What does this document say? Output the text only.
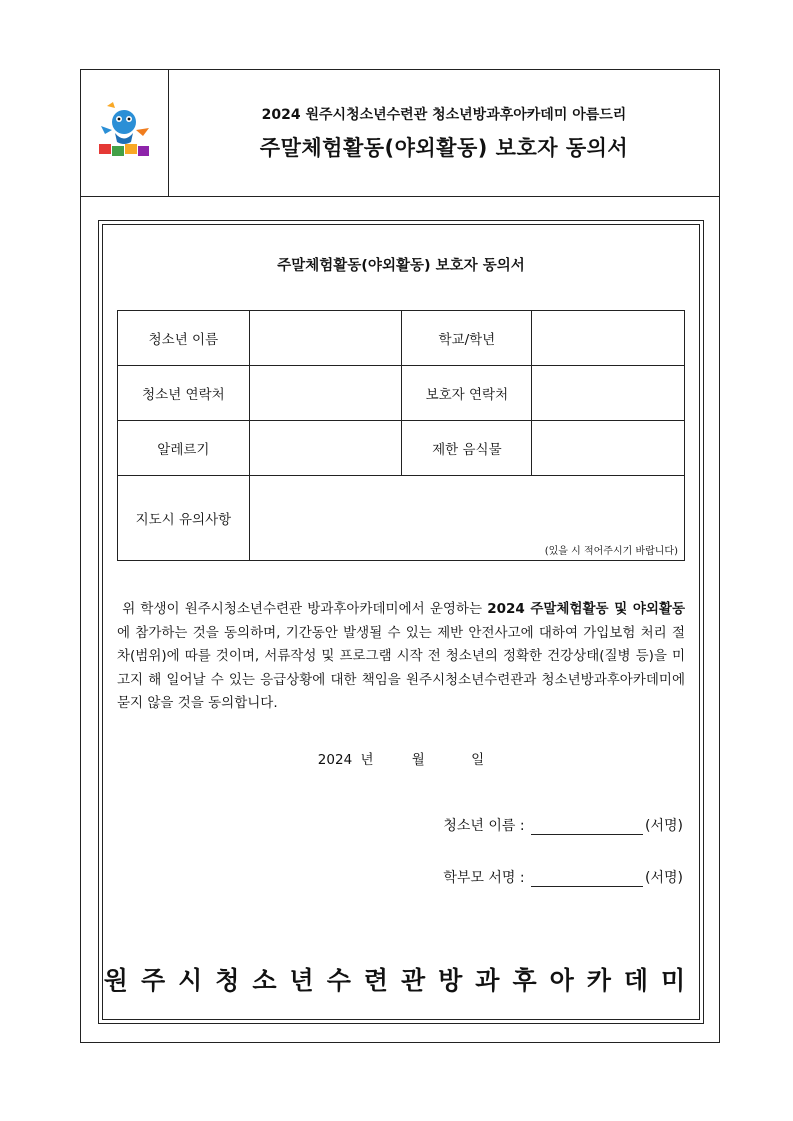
2024 원주시청소년수련관 청소년방과후아카데미 아름드리
주말체험활동(야외활동) 보호자 동의서
주말체험활동(야외활동) 보호자 동의서
청소년 이름		학교/학년	
청소년 연락처		보호자 연락처	
알레르기		제한 음식물	
지도시 유의사항	(있을 시 적어주시기 바랍니다)		

위 학생이 원주시청소년수련관 방과후아카데미에서 운영하는 2024 주말체험활동 및 야외활동에 참가하는 것을 동의하며, 기간동안 발생될 수 있는 제반 안전사고에 대하여 가입보험 처리 절차(범위)에 따를 것이며, 서류작성 및 프로그램 시작 전 청소년의 정확한 건강상태(질병 등)을 미고지 해 일어날 수 있는 응급상황에 대한 책임을 원주시청소년수련관과 청소년방과후아카데미에 묻지 않을 것을 동의합니다.

2024 년	월	일
청소년 이름 :	(서명)
학부모 서명 :	(서명)
원주시청소년수련관방과후아카데미
